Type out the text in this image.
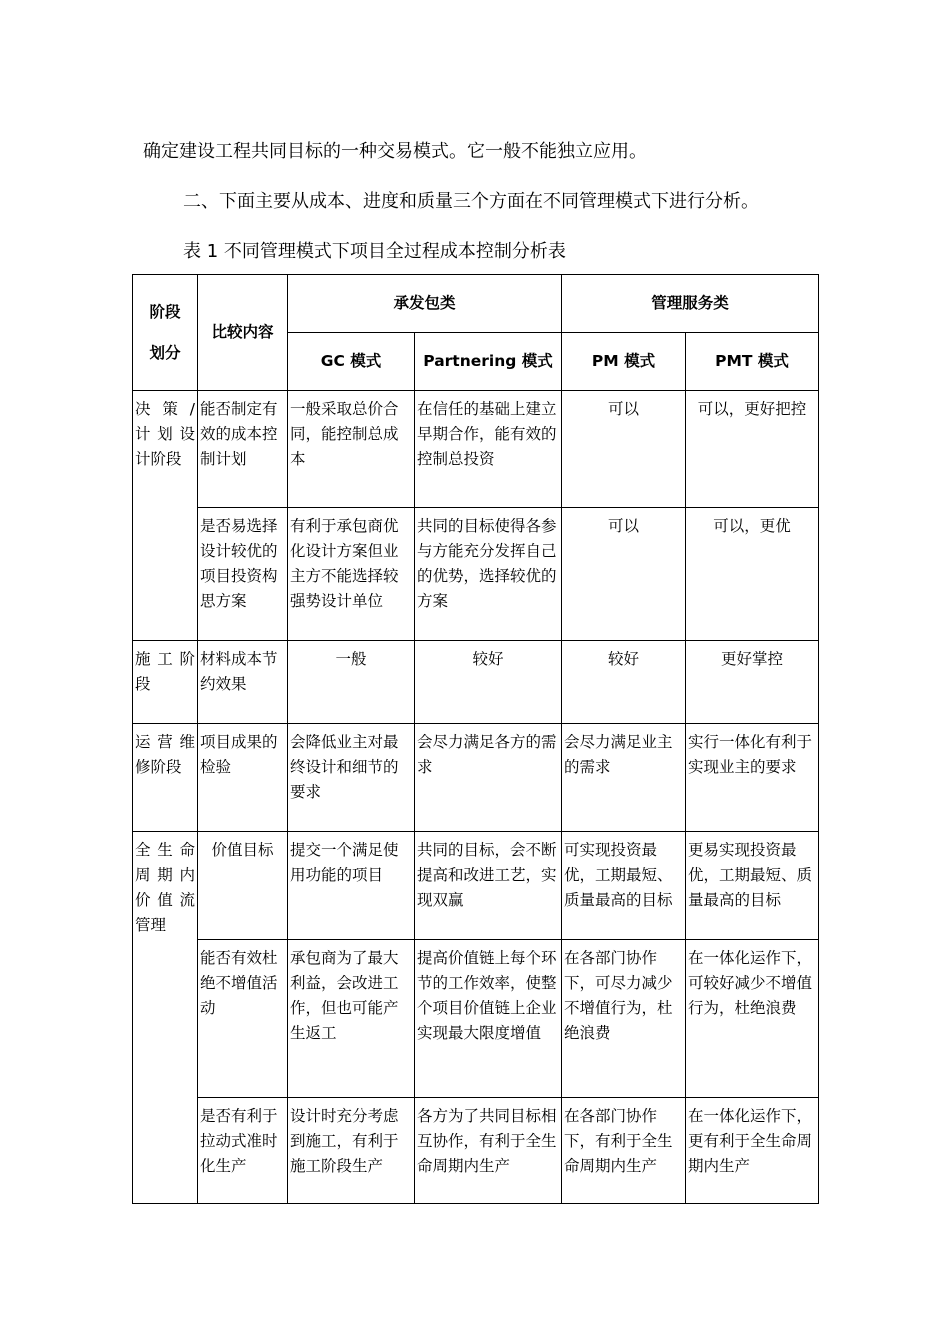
确定建设工程共同目标的一种交易模式。它一般不能独立应用。
二、下面主要从成本、进度和质量三个方面在不同管理模式下进行分析。
表 1 不同管理模式下项目全过程成本控制分析表
阶段
划分	比较内容	承发包类		管理服务类	
		GC 模式	Partnering 模式	PM 模式	PMT 模式
决 策 / 计 划 设 计阶段	能否制定有效的成本控制计划	一般采取总价合同，能控制总成本	在信任的基础上建立早期合作，能有效的控制总投资	可以	可以，更好把控
	是否易选择设计较优的项目投资构思方案	有利于承包商优化设计方案但业主方不能选择较强势设计单位	共同的目标使得各参与方能充分发挥自己的优势，选择较优的方案	可以	可以，更优
施 工 阶 段	材料成本节约效果	一般	较好	较好	更好掌控
运 营 维 修阶段	项目成果的检验	会降低业主对最终设计和细节的要求	会尽力满足各方的需求	会尽力满足业主的需求	实行一体化有利于实现业主的要求
全 生 命 周 期 内 价 值 流 管理	价值目标	提交一个满足使用功能的项目	共同的目标，会不断提高和改进工艺，实现双赢	可实现投资最优，工期最短、质量最高的目标	更易实现投资最优，工期最短、质量最高的目标
	能否有效杜绝不增值活动	承包商为了最大利益，会改进工作，但也可能产生返工	提高价值链上每个环节的工作效率，使整个项目价值链上企业实现最大限度增值	在各部门协作下，可尽力减少不增值行为，杜绝浪费	在一体化运作下，可较好减少不增值行为，杜绝浪费
	是否有利于拉动式准时化生产	设计时充分考虑到施工，有利于施工阶段生产	各方为了共同目标相互协作，有利于全生命周期内生产	在各部门协作下，有利于全生命周期内生产	在一体化运作下，更有利于全生命周期内生产
